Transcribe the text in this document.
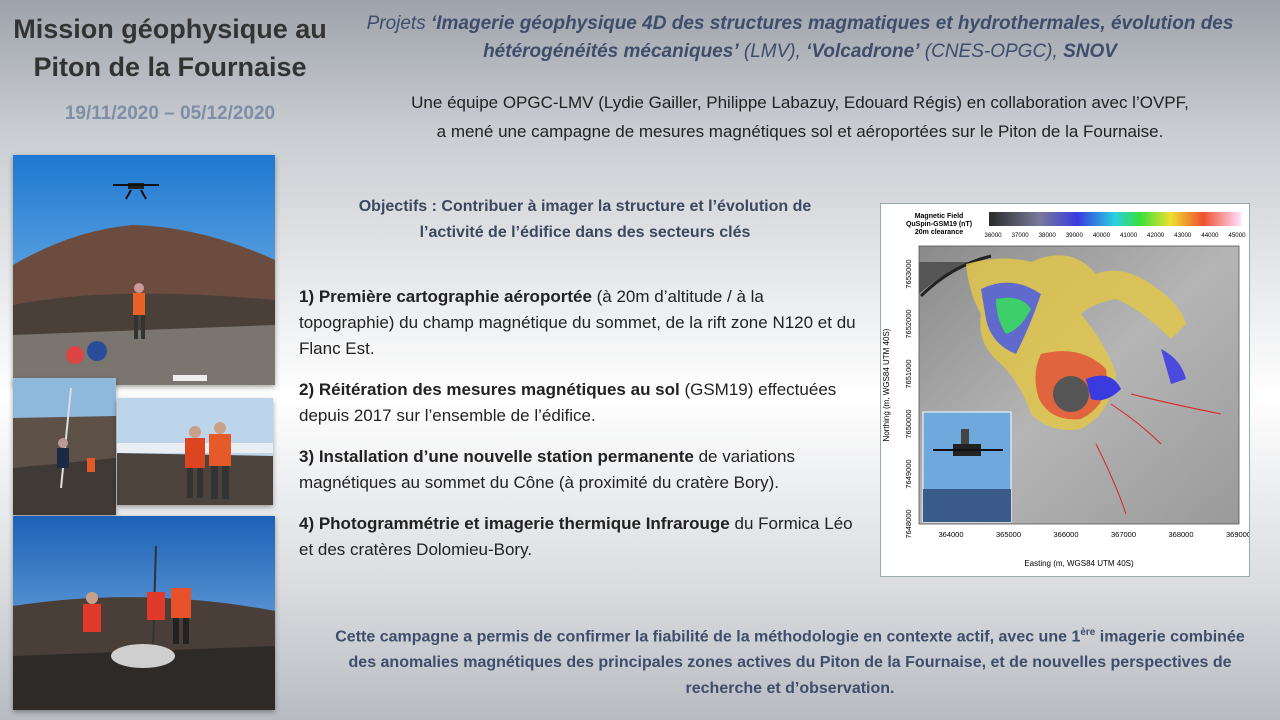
Mission géophysique au
Piton de la Fournaise
19/11/2020 – 05/12/2020
Projets ‘Imagerie géophysique 4D des structures magmatiques et hydrothermales, évolution des hétérogénéités mécaniques’ (LMV), ‘Volcadrone’ (CNES-OPGC), SNOV
Une équipe OPGC-LMV (Lydie Gailler, Philippe Labazuy, Edouard Régis) en collaboration avec l’OVPF,
a mené une campagne de mesures magnétiques sol et aéroportées sur le Piton de la Fournaise.
Objectifs : Contribuer à imager la structure et l’évolution de
l’activité de l’édifice dans des secteurs clés

1) Première cartographie aéroportée (à 20m d’altitude / à la topographie) du champ magnétique du sommet, de la rift zone N120 et du Flanc Est.

2) Réitération des mesures magnétiques au sol (GSM19) effectuées depuis 2017 sur l’ensemble de l’édifice.

3) Installation d’une nouvelle station permanente de variations magnétiques au sommet du Cône (à proximité du cratère Bory).

4) Photogrammétrie et imagerie thermique Infrarouge du Formica Léo et des cratères Dolomieu-Bory.

Magnetic Field
QuSpin-GSM19 (nT)
20m clearance	36000 37000 38000 39000 40000 41000 42000 43000 44000 45000
364000	365000	366000	367000	368000	369000
7653000
7652000
7651000
7650000
7649000
7648000
Easting (m, WGS84 UTM 40S)
Northing (m, WGS84 UTM 40S)
Cette campagne a permis de confirmer la fiabilité de la méthodologie en contexte actif, avec une 1ère imagerie combinée des anomalies magnétiques des principales zones actives du Piton de la Fournaise, et de nouvelles perspectives de recherche et d’observation.
